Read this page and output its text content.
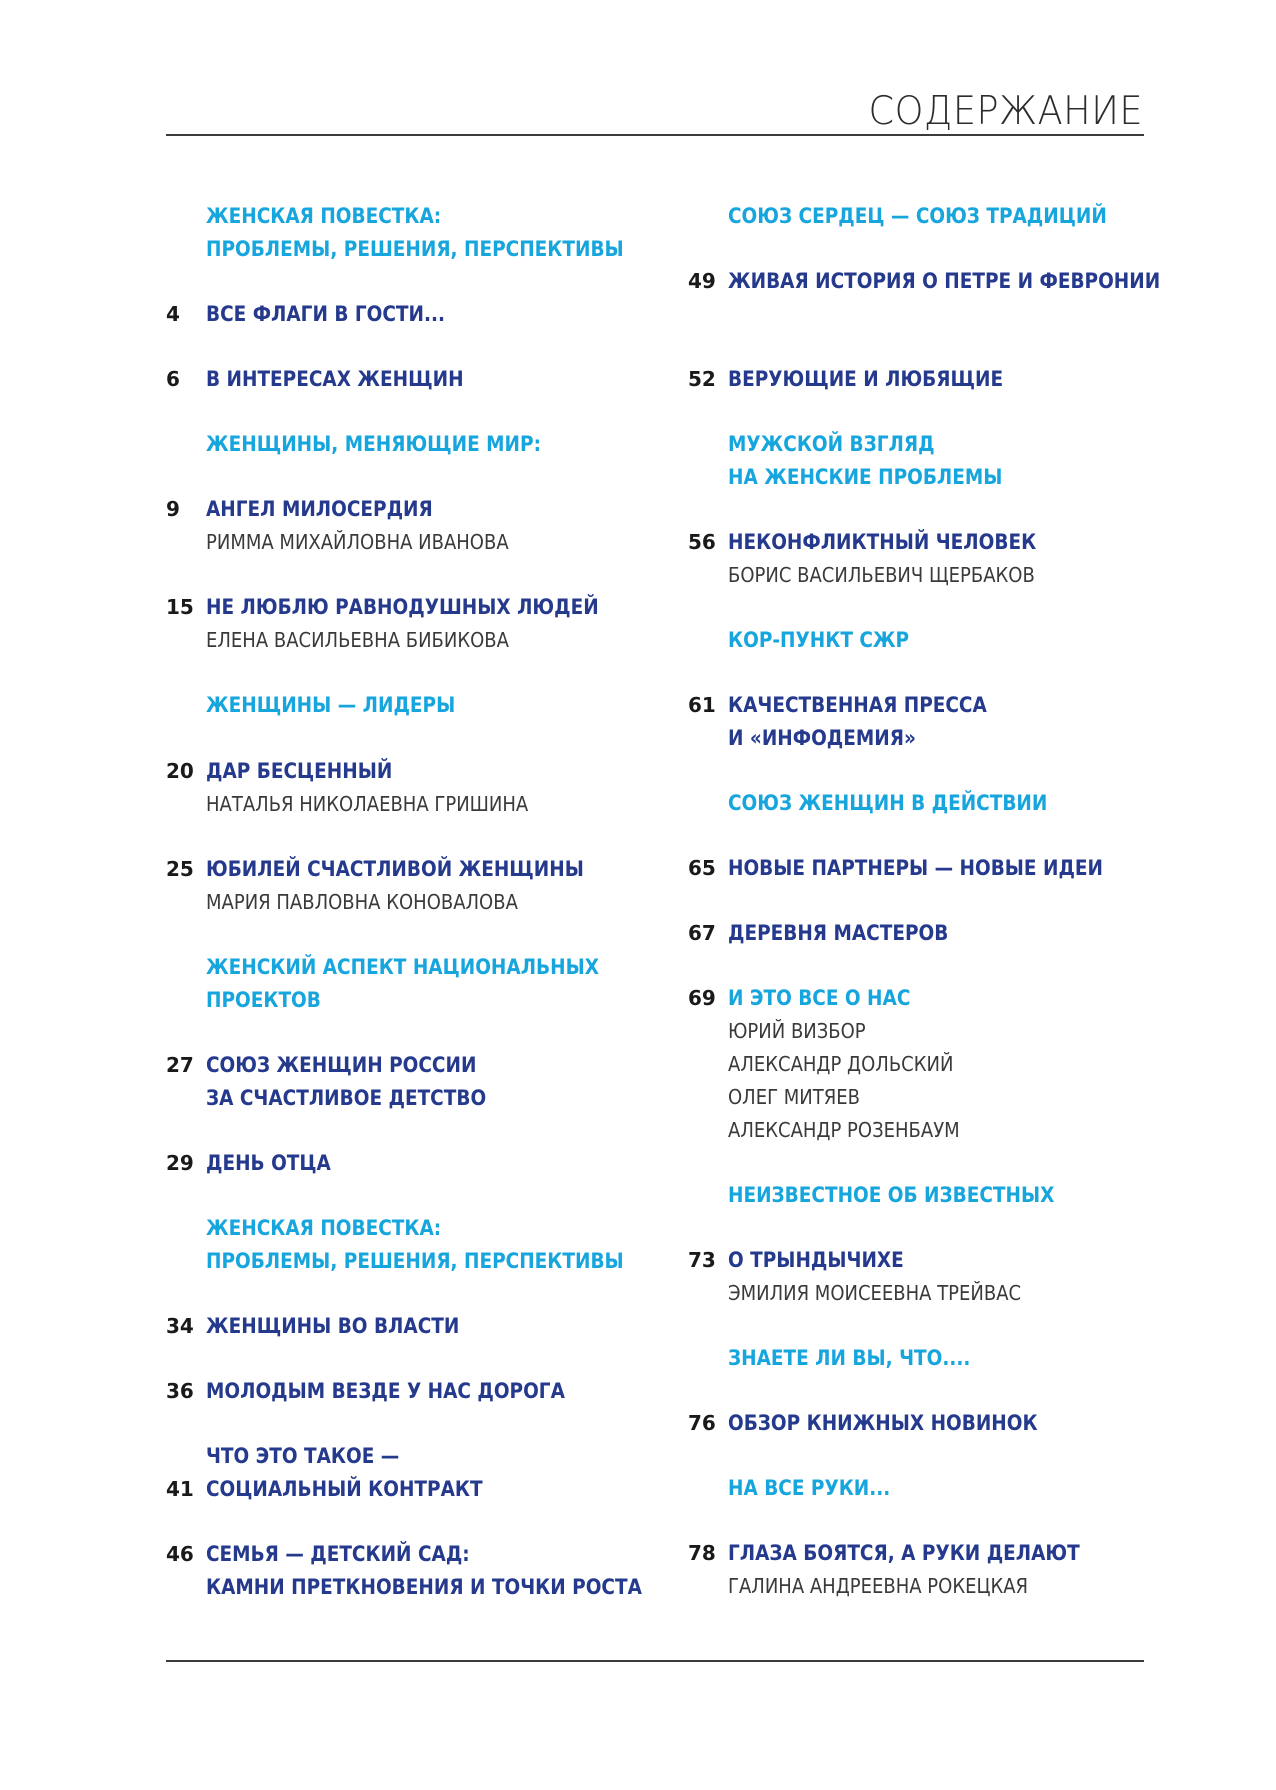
СОДЕРЖАНИЕ
ЖЕНСКАЯ ПОВЕСТКА:
ПРОБЛЕМЫ, РЕШЕНИЯ, ПЕРСПЕКТИВЫ
4	ВСЕ ФЛАГИ В ГОСТИ...
6	В ИНТЕРЕСАХ ЖЕНЩИН
ЖЕНЩИНЫ, МЕНЯЮЩИЕ МИР:
9	АНГЕЛ МИЛОСЕРДИЯ
РИММА МИХАЙЛОВНА ИВАНОВА
15 НЕ ЛЮБЛЮ РАВНОДУШНЫХ ЛЮДЕЙ
ЕЛЕНА ВАСИЛЬЕВНА БИБИКОВА
ЖЕНЩИНЫ — ЛИДЕРЫ
20 ДАР БЕСЦЕННЫЙ
НАТАЛЬЯ НИКОЛАЕВНА ГРИШИНА
25 ЮБИЛЕЙ СЧАСТЛИВОЙ ЖЕНЩИНЫ
МАРИЯ ПАВЛОВНА КОНОВАЛОВА
ЖЕНСКИЙ АСПЕКТ НАЦИОНАЛЬНЫХ
ПРОЕКТОВ
27 СОЮЗ ЖЕНЩИН РОССИИ
ЗА СЧАСТЛИВОЕ ДЕТСТВО
29 ДЕНЬ ОТЦА
ЖЕНСКАЯ ПОВЕСТКА:
ПРОБЛЕМЫ, РЕШЕНИЯ, ПЕРСПЕКТИВЫ
34 ЖЕНЩИНЫ ВО ВЛАСТИ
36 МОЛОДЫМ ВЕЗДЕ У НАС ДОРОГА
ЧТО ЭТО ТАКОЕ —
41 СОЦИАЛЬНЫЙ КОНТРАКТ
46 СЕМЬЯ — ДЕТСКИЙ САД:
КАМНИ ПРЕТКНОВЕНИЯ И ТОЧКИ РОСТА
СОЮЗ СЕРДЕЦ — СОЮЗ ТРАДИЦИЙ
49 ЖИВАЯ ИСТОРИЯ О ПЕТРЕ И ФЕВРОНИИ
52 ВЕРУЮЩИЕ И ЛЮБЯЩИЕ
МУЖСКОЙ ВЗГЛЯД
НА ЖЕНСКИЕ ПРОБЛЕМЫ
56 НЕКОНФЛИКТНЫЙ ЧЕЛОВЕК
БОРИС ВАСИЛЬЕВИЧ ЩЕРБАКОВ
КОР-ПУНКТ СЖР
61 КАЧЕСТВЕННАЯ ПРЕССА
И «ИНФОДЕМИЯ»
СОЮЗ ЖЕНЩИН В ДЕЙСТВИИ
65 НОВЫЕ ПАРТНЕРЫ — НОВЫЕ ИДЕИ
67 ДЕРЕВНЯ МАСТЕРОВ
69 И ЭТО ВСЕ О НАС
ЮРИЙ ВИЗБОР
АЛЕКСАНДР ДОЛЬСКИЙ
ОЛЕГ МИТЯЕВ
АЛЕКСАНДР РОЗЕНБАУМ
НЕИЗВЕСТНОЕ ОБ ИЗВЕСТНЫХ
73 О ТРЫНДЫЧИХЕ
ЭМИЛИЯ МОИСЕЕВНА ТРЕЙВАС
ЗНАЕТЕ ЛИ ВЫ, ЧТО....
76 ОБЗОР КНИЖНЫХ НОВИНОК
НА ВСЕ РУКИ...
78 ГЛАЗА БОЯТСЯ, А РУКИ ДЕЛАЮТ
ГАЛИНА АНДРЕЕВНА РОКЕЦКАЯ
